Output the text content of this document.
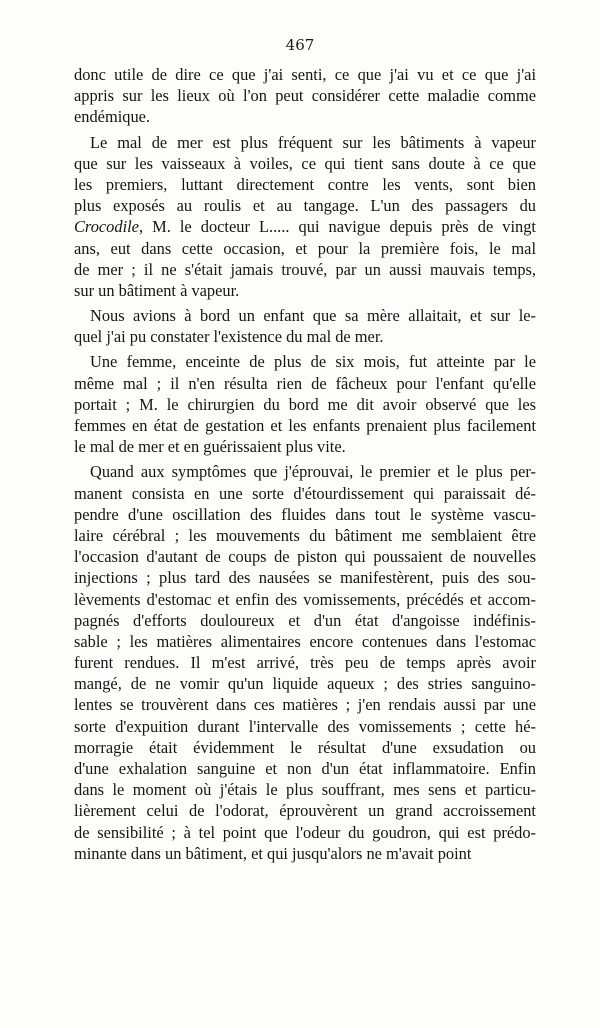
467
donc utile de dire ce que j'ai senti, ce que j'ai vu et ce que j'ai
appris sur les lieux où l'on peut considérer cette maladie comme
endémique.
Le mal de mer est plus fréquent sur les bâtiments à vapeur
que sur les vaisseaux à voiles, ce qui tient sans doute à ce que
les premiers, luttant directement contre les vents, sont bien
plus exposés au roulis et au tangage. L'un des passagers du
Crocodile, M. le docteur L..... qui navigue depuis près de vingt
ans, eut dans cette occasion, et pour la première fois, le mal
de mer ; il ne s'était jamais trouvé, par un aussi mauvais temps,
sur un bâtiment à vapeur.
Nous avions à bord un enfant que sa mère allaitait, et sur le-
quel j'ai pu constater l'existence du mal de mer.
Une femme, enceinte de plus de six mois, fut atteinte par le
même mal ; il n'en résulta rien de fâcheux pour l'enfant qu'elle
portait ; M. le chirurgien du bord me dit avoir observé que les
femmes en état de gestation et les enfants prenaient plus facilement
le mal de mer et en guérissaient plus vite.
Quand aux symptômes que j'éprouvai, le premier et le plus per-
manent consista en une sorte d'étourdissement qui paraissait dé-
pendre d'une oscillation des fluides dans tout le système vascu-
laire cérébral ; les mouvements du bâtiment me semblaient être
l'occasion d'autant de coups de piston qui poussaient de nouvelles
injections ; plus tard des nausées se manifestèrent, puis des sou-
lèvements d'estomac et enfin des vomissements, précédés et accom-
pagnés d'efforts douloureux et d'un état d'angoisse indéfinis-
sable ; les matières alimentaires encore contenues dans l'estomac
furent rendues. Il m'est arrivé, très peu de temps après avoir
mangé, de ne vomir qu'un liquide aqueux ; des stries sanguino-
lentes se trouvèrent dans ces matières ; j'en rendais aussi par une
sorte d'expuition durant l'intervalle des vomissements ; cette hé-
morragie était évidemment le résultat d'une exsudation ou
d'une exhalation sanguine et non d'un état inflammatoire. Enfin
dans le moment où j'étais le plus souffrant, mes sens et particu-
lièrement celui de l'odorat, éprouvèrent un grand accroissement
de sensibilité ; à tel point que l'odeur du goudron, qui est prédo-
minante dans un bâtiment, et qui jusqu'alors ne m'avait point
